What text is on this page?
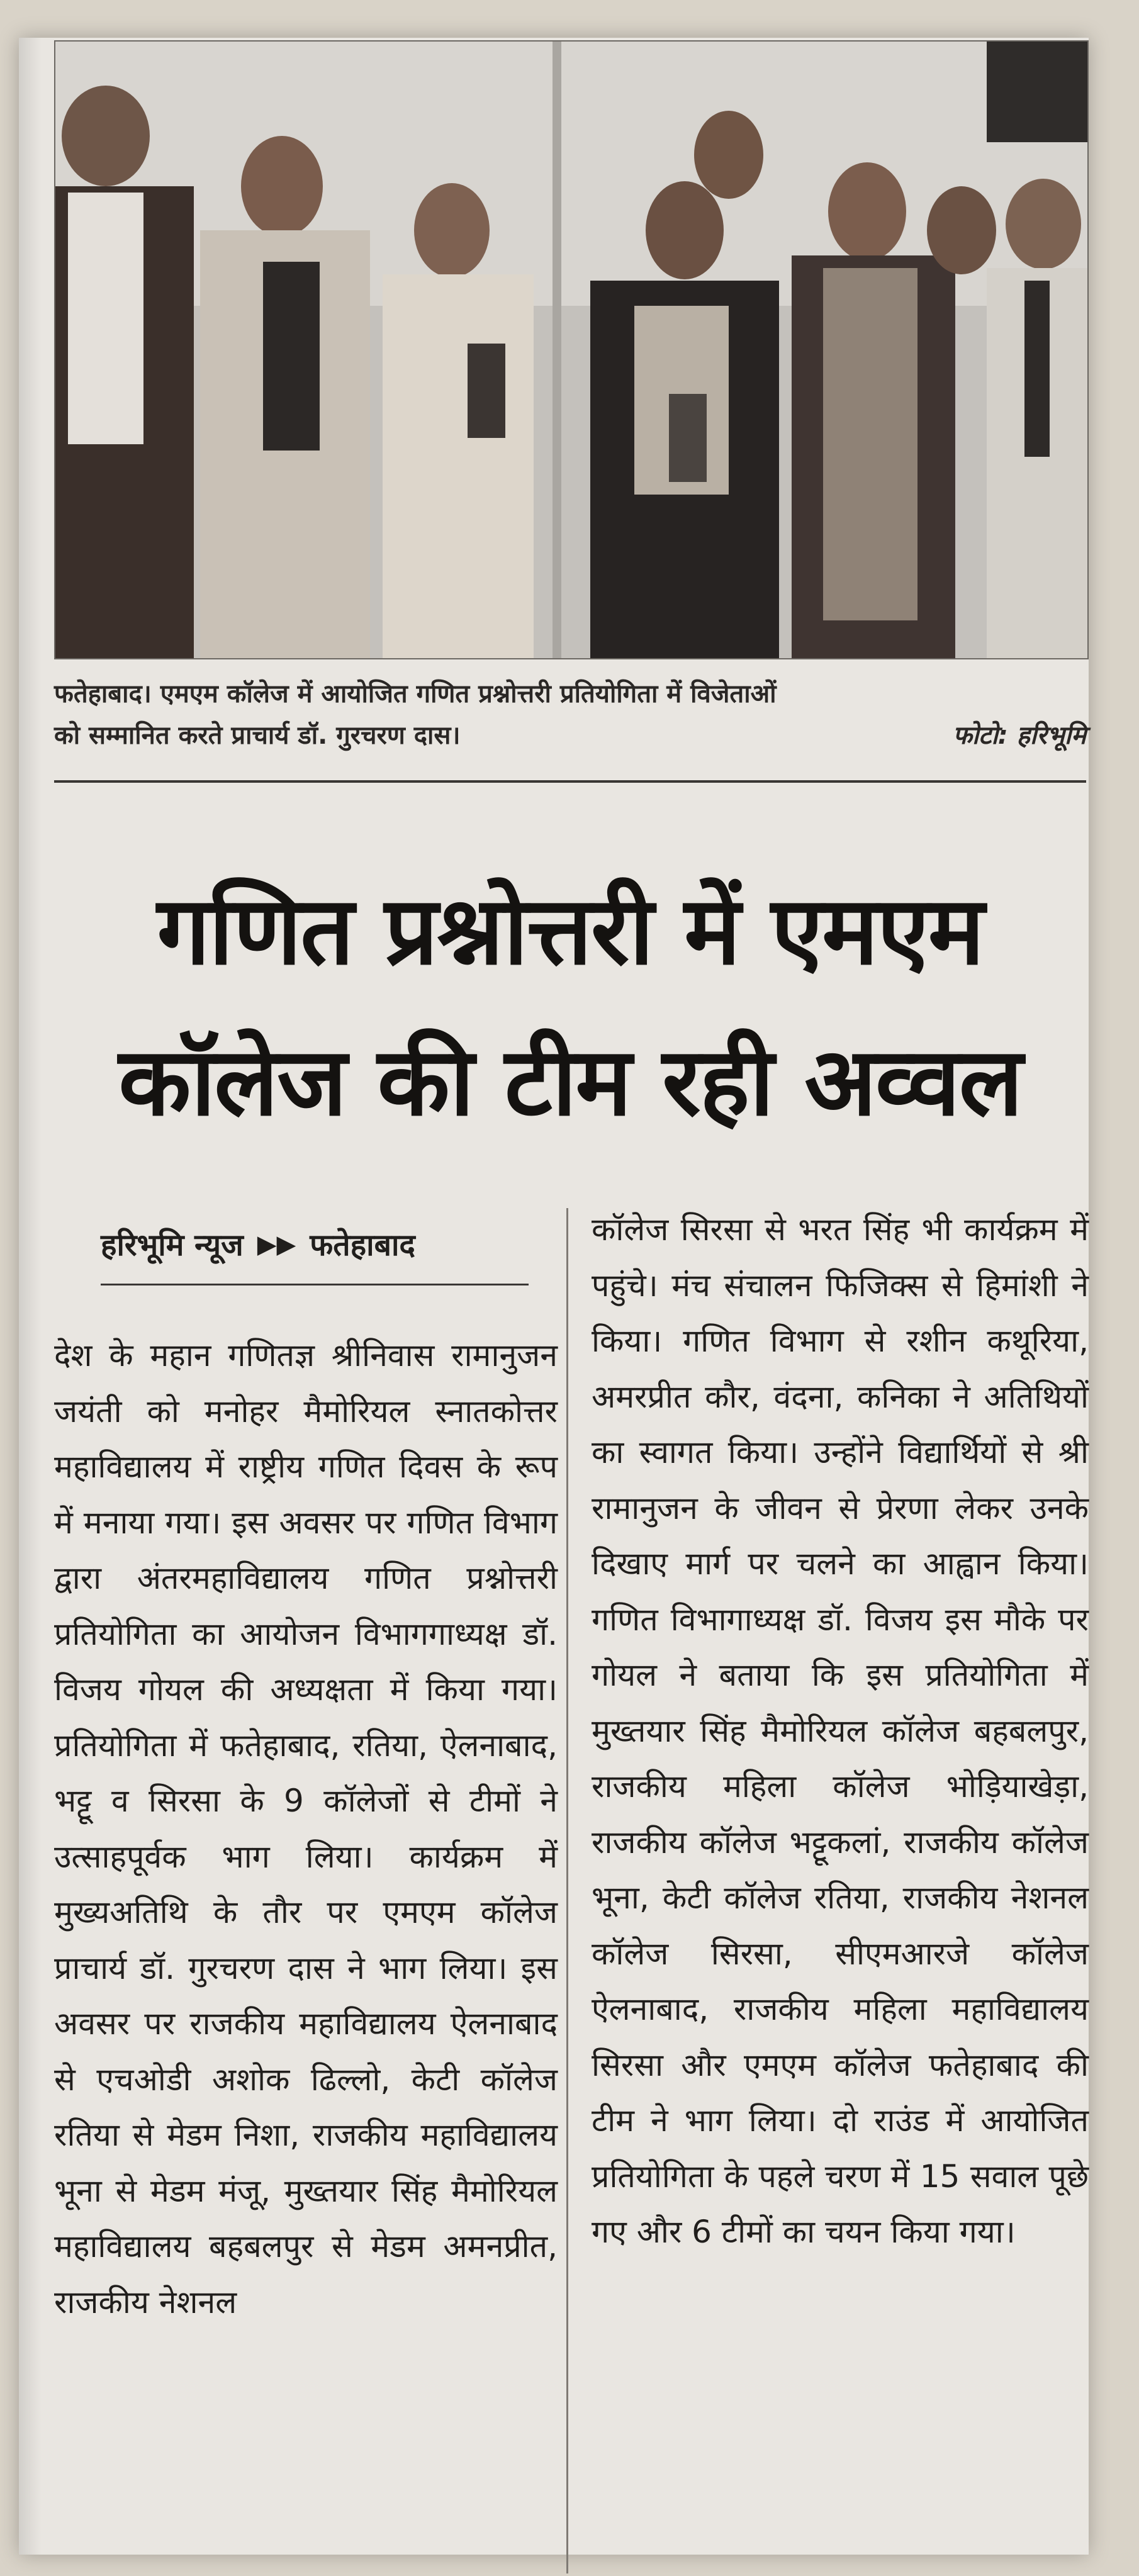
फतेहाबाद। एमएम कॉलेज में आयोजित गणित प्रश्नोत्तरी प्रतियोगिता में विजेताओं
को सम्मानित करते प्राचार्य डॉ. गुरचरण दास।	फोटो: हरिभूमि
गणित प्रश्नोत्तरी में एमएम
कॉलेज की टीम रही अव्वल
हरिभूमि न्यूज ▶▶ फतेहाबाद
देश के महान गणितज्ञ श्रीनिवास रामानुजन जयंती को मनोहर मैमोरियल स्नातकोत्तर महाविद्यालय में राष्ट्रीय गणित दिवस के रूप में मनाया गया। इस अवसर पर गणित विभाग द्वारा अंतरमहाविद्यालय गणित प्रश्नोत्तरी प्रतियोगिता का आयोजन विभागगाध्यक्ष डॉ. विजय गोयल की अध्यक्षता में किया गया। प्रतियोगिता में फतेहाबाद, रतिया, ऐलनाबाद, भट्टू व सिरसा के 9 कॉलेजों से टीमों ने उत्साहपूर्वक भाग लिया। कार्यक्रम में मुख्यअतिथि के तौर पर एमएम कॉलेज प्राचार्य डॉ. गुरचरण दास ने भाग लिया। इस अवसर पर राजकीय महाविद्यालय ऐलनाबाद से एचओडी अशोक ढिल्लो, केटी कॉलेज रतिया से मेडम निशा, राजकीय महाविद्यालय भूना से मेडम मंजू, मुख्तयार सिंह मैमोरियल महाविद्यालय बहबलपुर से मेडम अमनप्रीत, राजकीय नेशनल
कॉलेज सिरसा से भरत सिंह भी कार्यक्रम में पहुंचे। मंच संचालन फिजिक्स से हिमांशी ने किया। गणित विभाग से रशीन कथूरिया, अमरप्रीत कौर, वंदना, कनिका ने अतिथियों का स्वागत किया। उन्होंने विद्यार्थियों से श्री रामानुजन के जीवन से प्रेरणा लेकर उनके दिखाए मार्ग पर चलने का आह्वान किया। गणित विभागाध्यक्ष डॉ. विजय इस मौके पर गोयल ने बताया कि इस प्रतियोगिता में मुख्तयार सिंह मैमोरियल कॉलेज बहबलपुर, राजकीय महिला कॉलेज भोड़ियाखेड़ा, राजकीय कॉलेज भट्टूकलां, राजकीय कॉलेज भूना, केटी कॉलेज रतिया, राजकीय नेशनल कॉलेज सिरसा, सीएमआरजे कॉलेज ऐलनाबाद, राजकीय महिला महाविद्यालय सिरसा और एमएम कॉलेज फतेहाबाद की टीम ने भाग लिया। दो राउंड में आयोजित प्रतियोगिता के पहले चरण में 15 सवाल पूछे गए और 6 टीमों का चयन किया गया।
